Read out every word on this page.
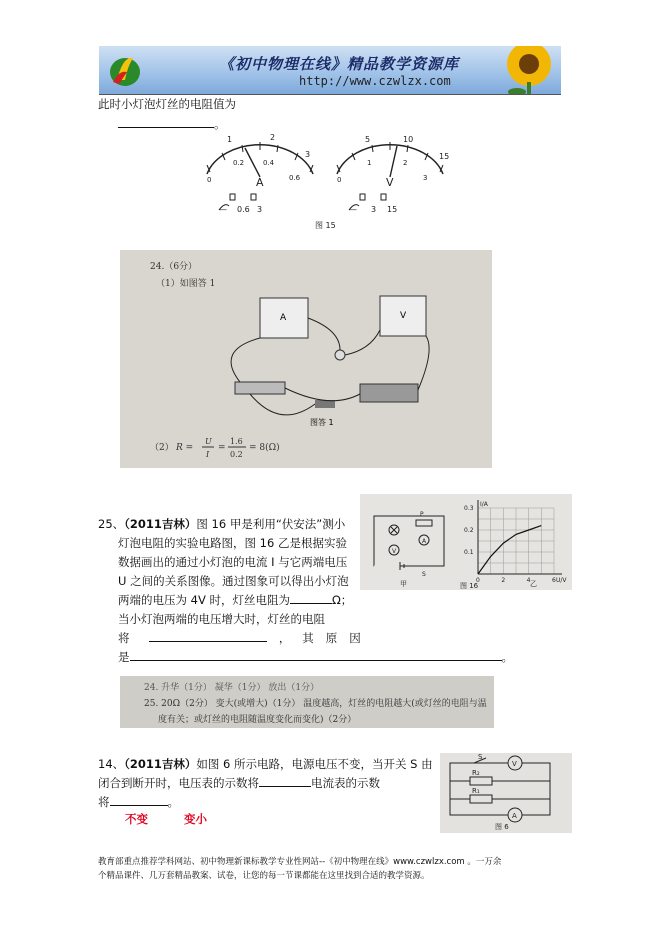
《初中物理在线》精品教学资源库
http://www.czwlzx.com
此时小灯泡灯丝的电阻值为
。
1	2
3
0
0.2	0.4
0.6
A
— 0.6 3
5	10
15
0
1	2
3
V
— 3 15
图 15
24.（6分）
（1）如图答 1
A	V
图答 1
（2） R =
U
I
=
1.6
0.2
= 8(Ω)
25、（2011吉林）图 16 甲是利用“伏安法”测小
灯泡电阻的实验电路图，图 16 乙是根据实验
数据画出的通过小灯泡的电流 I 与它两端电压
U 之间的关系图像。通过图象可以得出小灯泡
两端的电压为 4V 时，灯丝电阻为	Ω；
当小灯泡两端的电压增大时，灯丝的电阻
将	，其原因
是	。
V
A
P
S
甲	图 16	乙
I/A
U/V
0.1
0.2
0.3
0	2	4	6
24. 升华（1分） 凝华（1分） 放出（1分）
25. 20Ω（2分） 变大(或增大)（1分） 温度越高，灯丝的电阻越大(或灯丝的电阻与温
度有关；或灯丝的电阻随温度变化而变化)（2分）
14、（2011吉林）如图 6 所示电路，电源电压不变，当开关 S 由
闭合到断开时，电压表的示数将	电流表的示数
将	。
不变	变小
S
R₂
R₁
V
A
图 6
教育部重点推荐学科网站、初中物理新课标教学专业性网站--《初中物理在线》www.czwlzx.com 。一万余
个精品课件、几万套精品教案、试卷，让您的每一节课都能在这里找到合适的教学资源。
